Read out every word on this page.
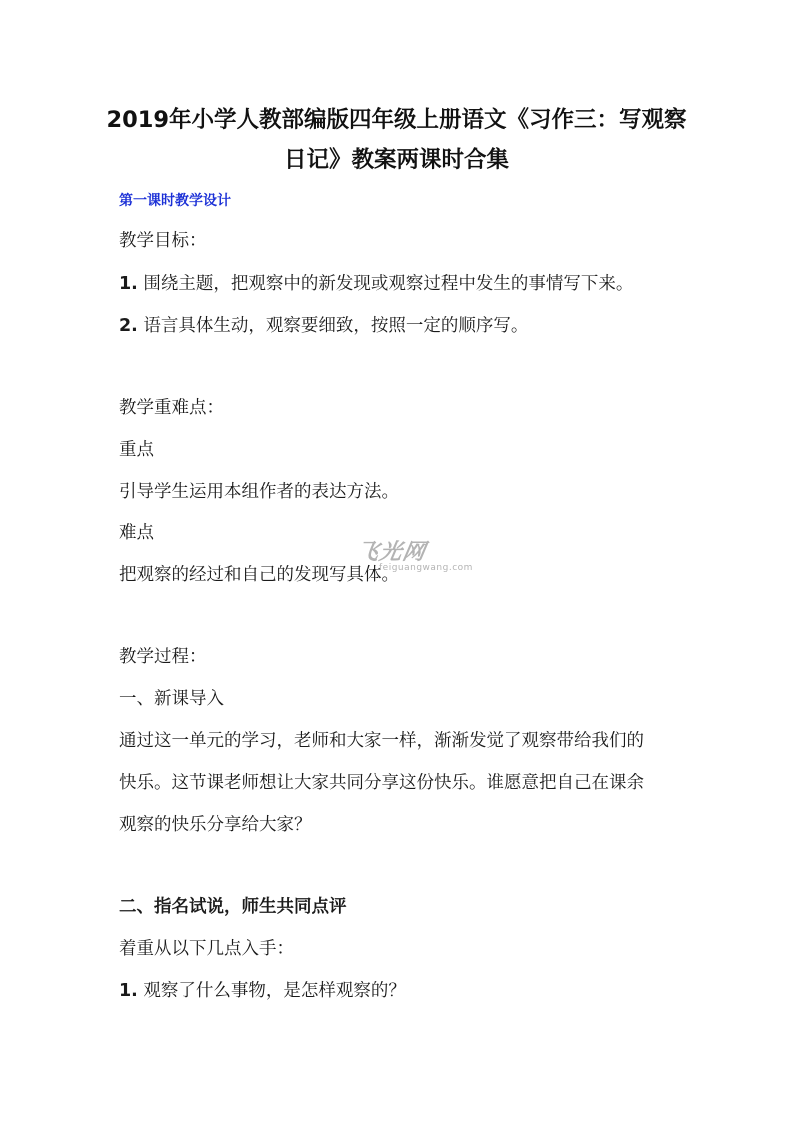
2019年小学人教部编版四年级上册语文《习作三：写观察
日记》教案两课时合集
第一课时教学设计
教学目标：
1. 围绕主题，把观察中的新发现或观察过程中发生的事情写下来。
2. 语言具体生动，观察要细致，按照一定的顺序写。
教学重难点：
重点
引导学生运用本组作者的表达方法。
难点
把观察的经过和自己的发现写具体。
教学过程：
一、新课导入
通过这一单元的学习，老师和大家一样，渐渐发觉了观察带给我们的
快乐。这节课老师想让大家共同分享这份快乐。谁愿意把自己在课余
观察的快乐分享给大家？
二、指名试说，师生共同点评
着重从以下几点入手：
1. 观察了什么事物，是怎样观察的？
飞光网
feiguangwang.com
